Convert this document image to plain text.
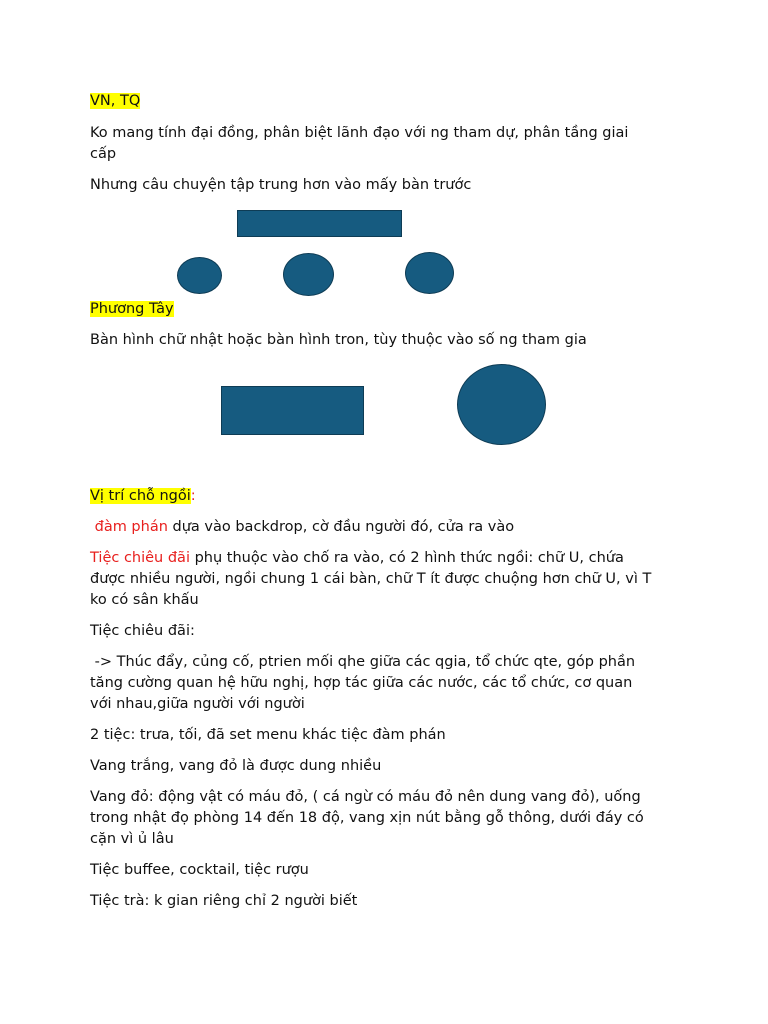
VN, TQ
Ko mang tính đại đồng, phân biệt lãnh đạo với ng tham dự, phân tầng giai
cấp
Nhưng câu chuyện tập trung hơn vào mấy bàn trước
Phương Tây
Bàn hình chữ nhật hoặc bàn hình tron, tùy thuộc vào số ng tham gia
Vị trí chỗ ngồi:
đàm phán dựa vào backdrop, cờ đầu người đó, cửa ra vào
Tiệc chiêu đãi phụ thuộc vào chố ra vào, có 2 hình thức ngồi: chữ U, chứa
được nhiều người, ngồi chung 1 cái bàn, chữ T ít được chuộng hơn chữ U, vì T
ko có sân khấu
Tiệc chiêu đãi:
-> Thúc đẩy, củng cố, ptrien mối qhe giữa các qgia, tổ chức qte, góp phần
tăng cường quan hệ hữu nghị, hợp tác giữa các nước, các tổ chức, cơ quan
với nhau,giữa người với người
2 tiệc: trưa, tối, đã set menu khác tiệc đàm phán
Vang trắng, vang đỏ là được dung nhiều
Vang đỏ: động vật có máu đỏ, ( cá ngừ có máu đỏ nên dung vang đỏ), uống
trong nhật đọ phòng 14 đến 18 độ, vang xịn nút bằng gỗ thông, dưới đáy có
cặn vì ủ lâu
Tiệc buffee, cocktail, tiệc rượu
Tiệc trà: k gian riêng chỉ 2 người biết
